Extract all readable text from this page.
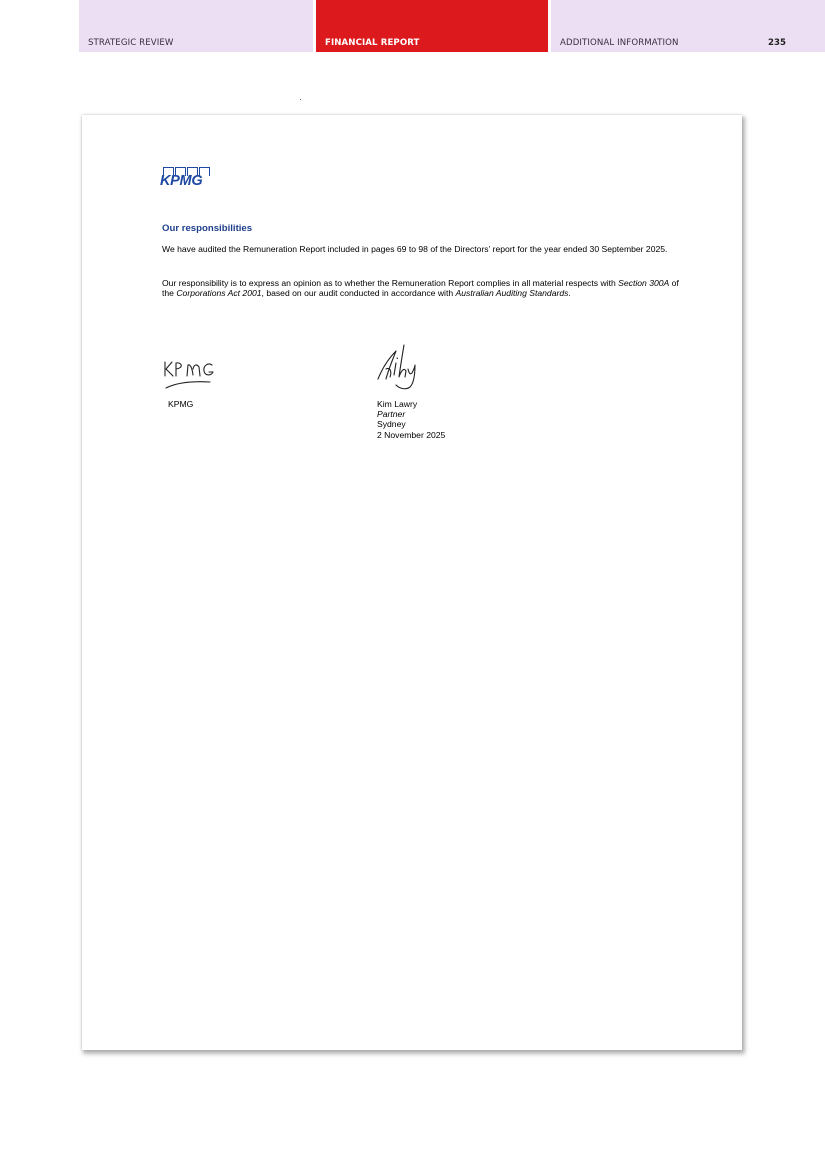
STRATEGIC REVIEW	FINANCIAL REPORT	ADDITIONAL INFORMATION	235
KPMG
Our responsibilities

We have audited the Remuneration Report included in pages 69 to 98 of the Directors’ report for the year ended 30 September 2025.

Our responsibility is to express an opinion as to whether the Remuneration Report complies in all material respects with Section 300A of the Corporations Act 2001, based on our audit conducted in accordance with Australian Auditing Standards.

KPMG	Kim Lawry
Partner
Sydney
2 November 2025
